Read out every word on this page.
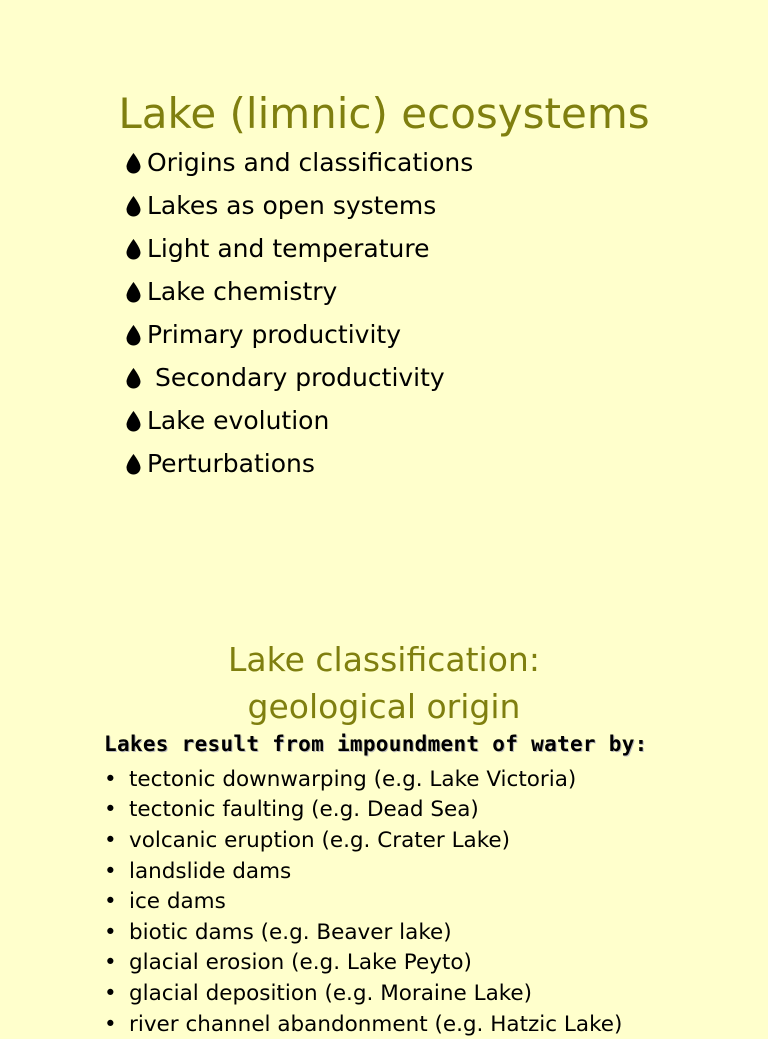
Lake (limnic) ecosystems
Origins and classifications
Lakes as open systems
Light and temperature
Lake chemistry
Primary productivity
Secondary productivity
Lake evolution
Perturbations
Lake classification:
geological origin
Lakes result from impoundment of water by:
• tectonic downwarping (e.g. Lake Victoria)
• tectonic faulting (e.g. Dead Sea)
• volcanic eruption (e.g. Crater Lake)
• landslide dams
• ice dams
• biotic dams (e.g. Beaver lake)
• glacial erosion (e.g. Lake Peyto)
• glacial deposition (e.g. Moraine Lake)
• river channel abandonment (e.g. Hatzic Lake)
